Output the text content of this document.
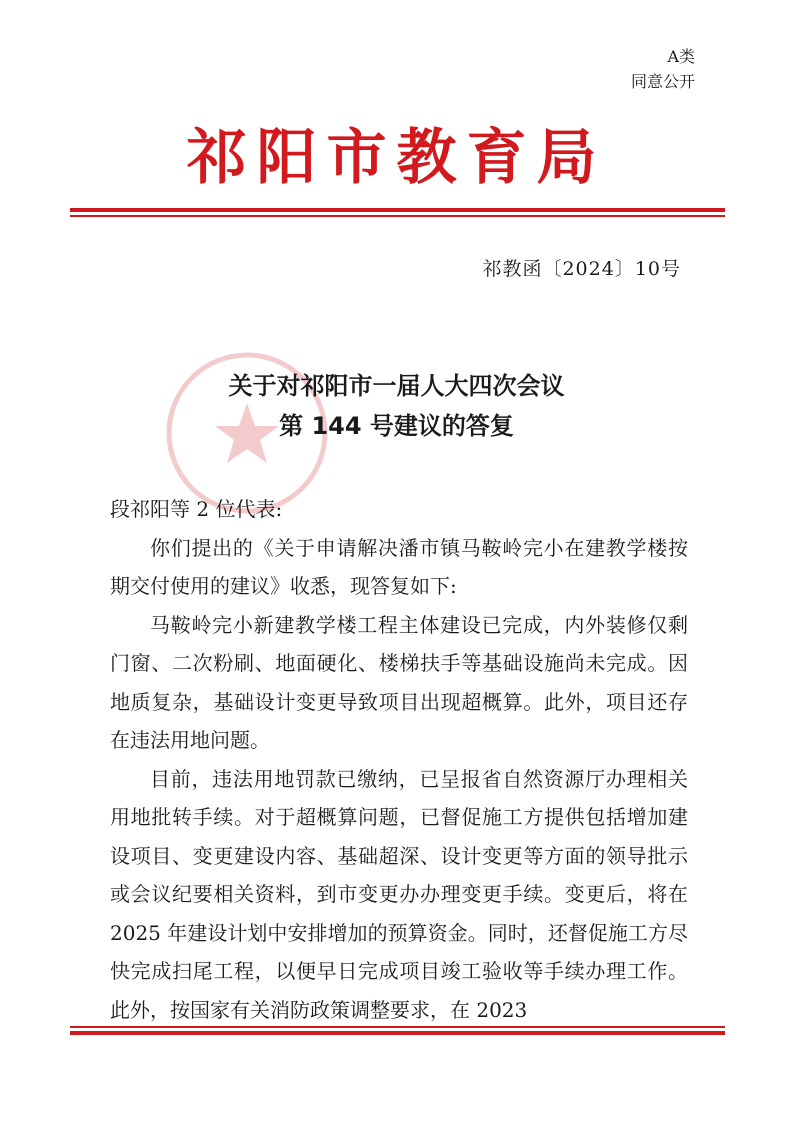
A类
同意公开
祁阳市教育局
祁教函〔2024〕10号
关于对祁阳市一届人大四次会议
第 144 号建议的答复

段祁阳等 2 位代表:

你们提出的《关于申请解决潘市镇马鞍岭完小在建教学楼按期交付使用的建议》收悉，现答复如下:

马鞍岭完小新建教学楼工程主体建设已完成，内外装修仅剩门窗、二次粉刷、地面硬化、楼梯扶手等基础设施尚未完成。因地质复杂，基础设计变更导致项目出现超概算。此外，项目还存在违法用地问题。

目前，违法用地罚款已缴纳，已呈报省自然资源厅办理相关用地批转手续。对于超概算问题，已督促施工方提供包括增加建设项目、变更建设内容、基础超深、设计变更等方面的领导批示或会议纪要相关资料，到市变更办办理变更手续。变更后，将在 2025 年建设计划中安排增加的预算资金。同时，还督促施工方尽快完成扫尾工程，以便早日完成项目竣工验收等手续办理工作。此外，按国家有关消防政策调整要求，在 2023
